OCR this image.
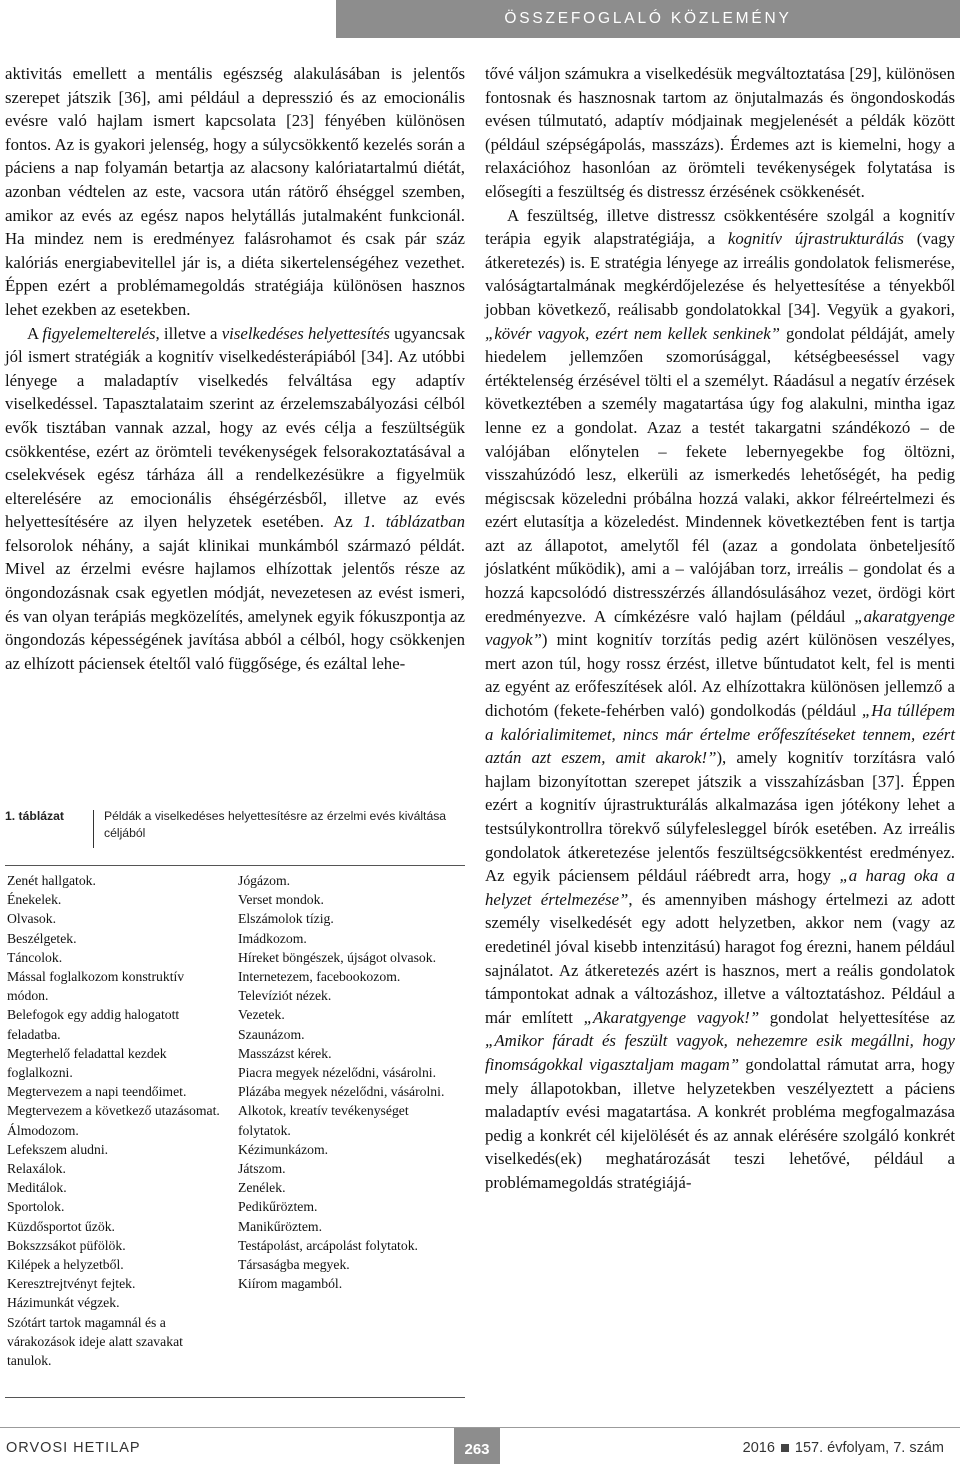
ÖSSZEFOGLALÓ KÖZLEMÉNY

aktivitás emellett a mentális egészség alakulásában is jelentős szerepet játszik [36], ami például a depresszió és az emocionális evésre való hajlam ismert kapcsolata [23] fényében különösen fontos. Az is gyakori jelenség, hogy a súlycsökkentő kezelés során a páciens a nap folyamán betartja az alacsony kalóriatartalmú diétát, azonban védtelen az este, vacsora után rátörő éhséggel szemben, amikor az evés az egész napos helytállás jutalmaként funkcionál. Ha mindez nem is eredményez falásrohamot és csak pár száz kalóriás energiabevitellel jár is, a diéta sikertelenségéhez vezethet. Éppen ezért a problémamegoldás stratégiája különösen hasznos lehet ezekben az esetekben.

A figyelemelterelés, illetve a viselkedéses helyettesítés ugyancsak jól ismert stratégiák a kognitív viselkedésterápiából [34]. Az utóbbi lényege a maladaptív viselkedés felváltása egy adaptív viselkedéssel. Tapasztalataim szerint az érzelemszabályozási célból evők tisztában vannak azzal, hogy az evés célja a feszültségük csökkentése, ezért az örömteli tevékenységek felsorakoztatásával a cselekvések egész tárháza áll a rendelkezésükre a figyelmük elterelésére az emocionális éhségérzésből, illetve az evés helyettesítésére az ilyen helyzetek esetében. Az 1. táblázatban felsorolok néhány, a saját klinikai munkámból származó példát. Mivel az érzelmi evésre hajlamos elhízottak jelentős része az öngondozásnak csak egyetlen módját, nevezetesen az evést ismeri, és van olyan terápiás megközelítés, amelynek egyik fókuszpontja az öngondozás képességének javítása abból a célból, hogy csökkenjen az elhízott páciensek ételtől való függősége, és ezáltal lehe-

1. táblázat	Példák a viselkedéses helyettesítésre az érzelmi evés kiváltása céljából
Zenét hallgatok.
Énekelek.
Olvasok.
Beszélgetek.
Táncolok.
Mással foglalkozom konstruktív módon.
Belefogok egy addig halogatott feladatba.
Megterhelő feladattal kezdek foglalkozni.
Megtervezem a napi teendőimet.
Megtervezem a következő utazásomat.
Álmodozom.
Lefekszem aludni.
Relaxálok.
Meditálok.
Sportolok.
Küzdősportot űzök.
Bokszzsákot püfölök.
Kilépek a helyzetből.
Keresztrejtvényt fejtek.
Házimunkát végzek.
Szótárt tartok magamnál és a várakozások ideje alatt szavakat tanulok.
Jógázom.
Verset mondok.
Elszámolok tízig.
Imádkozom.
Híreket böngészek, újságot olvasok.
Internetezem, facebookozom.
Televíziót nézek.
Vezetek.
Szaunázom.
Masszázst kérek.
Piacra megyek nézelődni, vásárolni.
Plázába megyek nézelődni, vásárolni.
Alkotok, kreatív tevékenységet folytatok.
Kézimunkázom.
Játszom.
Zenélek.
Pedikűröztem.
Manikűröztem.
Testápolást, arcápolást folytatok.
Társaságba megyek.
Kiírom magamból.

tővé váljon számukra a viselkedésük megváltoztatása [29], különösen fontosnak és hasznosnak tartom az önjutalmazás és öngondoskodás evésen túlmutató, adaptív módjainak megjelenését a példák között (például szépségápolás, masszázs). Érdemes azt is kiemelni, hogy a relaxációhoz hasonlóan az örömteli tevékenységek folytatása is elősegíti a feszültség és distressz érzésének csökkenését.

A feszültség, illetve distressz csökkentésére szolgál a kognitív terápia egyik alapstratégiája, a kognitív újrastrukturálás (vagy átkeretezés) is. E stratégia lényege az irreális gondolatok felismerése, valóságtartalmának megkérdőjelezése és helyettesítése a tényekből jobban következő, reálisabb gondolatokkal [34]. Vegyük a gyakori, „kövér vagyok, ezért nem kellek senkinek” gondolat példáját, amely hiedelem jellemzően szomorúsággal, kétségbeeséssel vagy értéktelenség érzésével tölti el a személyt. Ráadásul a negatív érzések következtében a személy magatartása úgy fog alakulni, mintha igaz lenne ez a gondolat. Azaz a testét takargatni szándékozó – de valójában előnytelen – fekete lebernyegekbe fog öltözni, visszahúzódó lesz, elkerüli az ismerkedés lehetőségét, ha pedig mégiscsak közeledni próbálna hozzá valaki, akkor félreértelmezi és ezért elutasítja a közeledést. Mindennek következtében fent is tartja azt az állapotot, amelytől fél (azaz a gondolata önbeteljesítő jóslatként működik), ami a – valójában torz, irreális – gondolat és a hozzá kapcsolódó distresszérzés állandósulásához vezet, ördögi kört eredményezve. A címkézésre való hajlam (például „akaratgyenge vagyok”) mint kognitív torzítás pedig azért különösen veszélyes, mert azon túl, hogy rossz érzést, illetve bűntudatot kelt, fel is menti az egyént az erőfeszítések alól. Az elhízottakra különösen jellemző a dichotóm (fekete-fehérben való) gondolkodás (például „Ha túllépem a kalórialimitemet, nincs már értelme erőfeszítéseket tennem, ezért aztán azt eszem, amit akarok!”), amely kognitív torzításra való hajlam bizonyítottan szerepet játszik a visszahízásban [37]. Éppen ezért a kognitív újrastrukturálás alkalmazása igen jótékony lehet a testsúlykontrollra törekvő súlyfelesleggel bírók esetében. Az irreális gondolatok átkeretezése jelentős feszültségcsökkentést eredményez. Az egyik páciensem például ráébredt arra, hogy „a harag oka a helyzet értelmezése”, és amennyiben máshogy értelmezi az adott személy viselkedését egy adott helyzetben, akkor nem (vagy az eredetinél jóval kisebb intenzitású) haragot fog érezni, hanem például sajnálatot. Az átkeretezés azért is hasznos, mert a reális gondolatok támpontokat adnak a változáshoz, illetve a változtatáshoz. Például a már említett „Akaratgyenge vagyok!” gondolat helyettesítése az „Amikor fáradt és feszült vagyok, nehezemre esik megállni, hogy finomságokkal vigasztaljam magam” gondolattal rámutat arra, hogy mely állapotokban, illetve helyzetekben veszélyeztett a páciens maladaptív evési magatartása. A konkrét probléma megfogalmazása pedig a konkrét cél kijelölését és az annak elérésére szolgáló konkrét viselkedés(ek) meghatározását teszi lehetővé, például a problémamegoldás stratégiájá-

ORVOSI HETILAP	263	2016 157. évfolyam, 7. szám
